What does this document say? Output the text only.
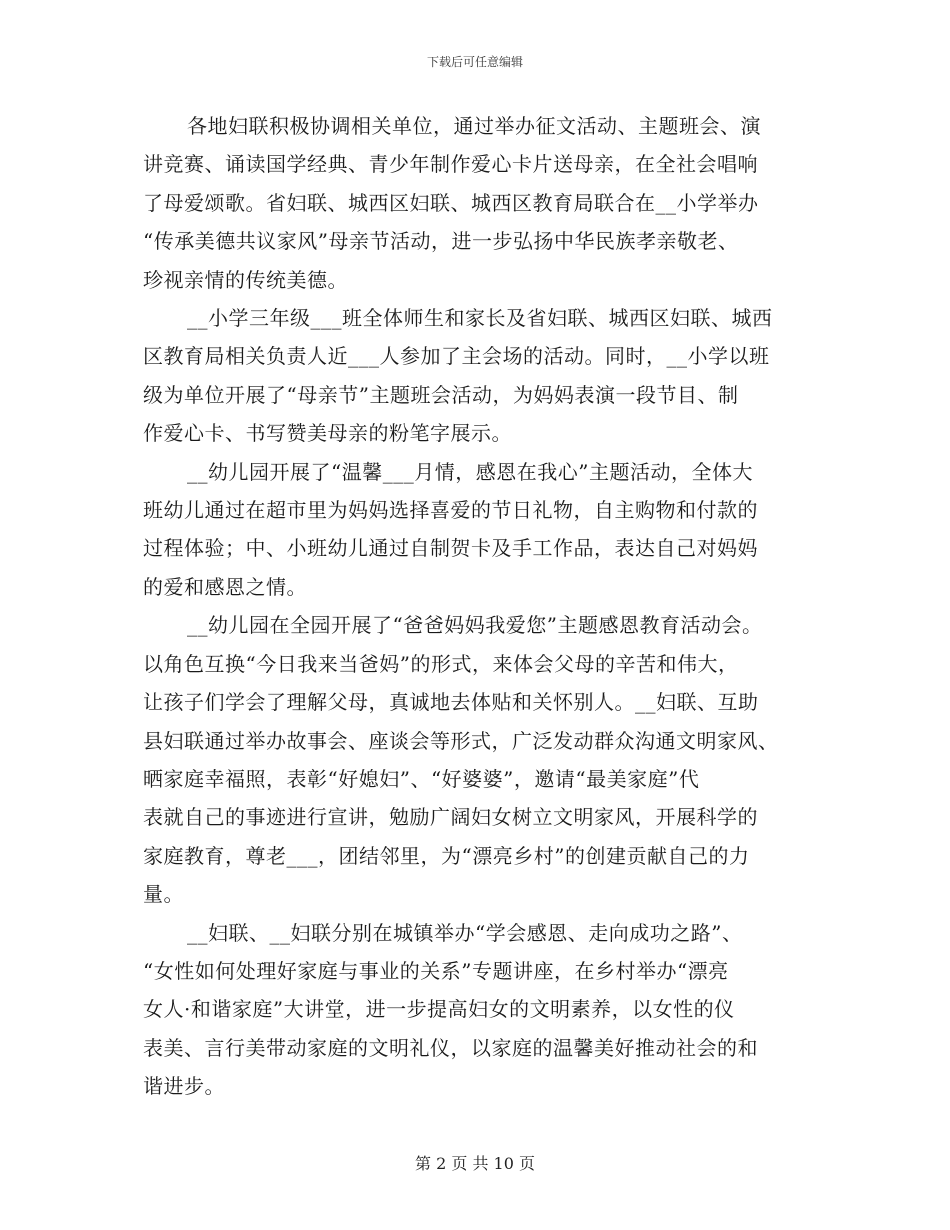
下载后可任意编辑

各地妇联积极协调相关单位，通过举办征文活动、主题班会、演
讲竞赛、诵读国学经典、青少年制作爱心卡片送母亲，在全社会唱响
了母爱颂歌。省妇联、城西区妇联、城西区教育局联合在__小学举办
“传承美德共议家风”母亲节活动，进一步弘扬中华民族孝亲敬老、
珍视亲情的传统美德。

__小学三年级___班全体师生和家长及省妇联、城西区妇联、城西
区教育局相关负责人近___人参加了主会场的活动。同时，__小学以班
级为单位开展了“母亲节”主题班会活动，为妈妈表演一段节目、制
作爱心卡、书写赞美母亲的粉笔字展示。

__幼儿园开展了“温馨___月情，感恩在我心”主题活动，全体大
班幼儿通过在超市里为妈妈选择喜爱的节日礼物，自主购物和付款的
过程体验；中、小班幼儿通过自制贺卡及手工作品，表达自己对妈妈
的爱和感恩之情。

__幼儿园在全园开展了“爸爸妈妈我爱您”主题感恩教育活动会。
以角色互换“今日我来当爸妈”的形式，来体会父母的辛苦和伟大，
让孩子们学会了理解父母，真诚地去体贴和关怀别人。__妇联、互助
县妇联通过举办故事会、座谈会等形式，广泛发动群众沟通文明家风、
晒家庭幸福照，表彰“好媳妇”、“好婆婆”，邀请“最美家庭”代
表就自己的事迹进行宣讲，勉励广阔妇女树立文明家风，开展科学的
家庭教育，尊老___，团结邻里，为“漂亮乡村”的创建贡献自己的力
量。

__妇联、__妇联分别在城镇举办“学会感恩、走向成功之路”、
“女性如何处理好家庭与事业的关系”专题讲座，在乡村举办“漂亮
女人·和谐家庭”大讲堂，进一步提高妇女的文明素养，以女性的仪
表美、言行美带动家庭的文明礼仪，以家庭的温馨美好推动社会的和
谐进步。

第 2 页 共 10 页
